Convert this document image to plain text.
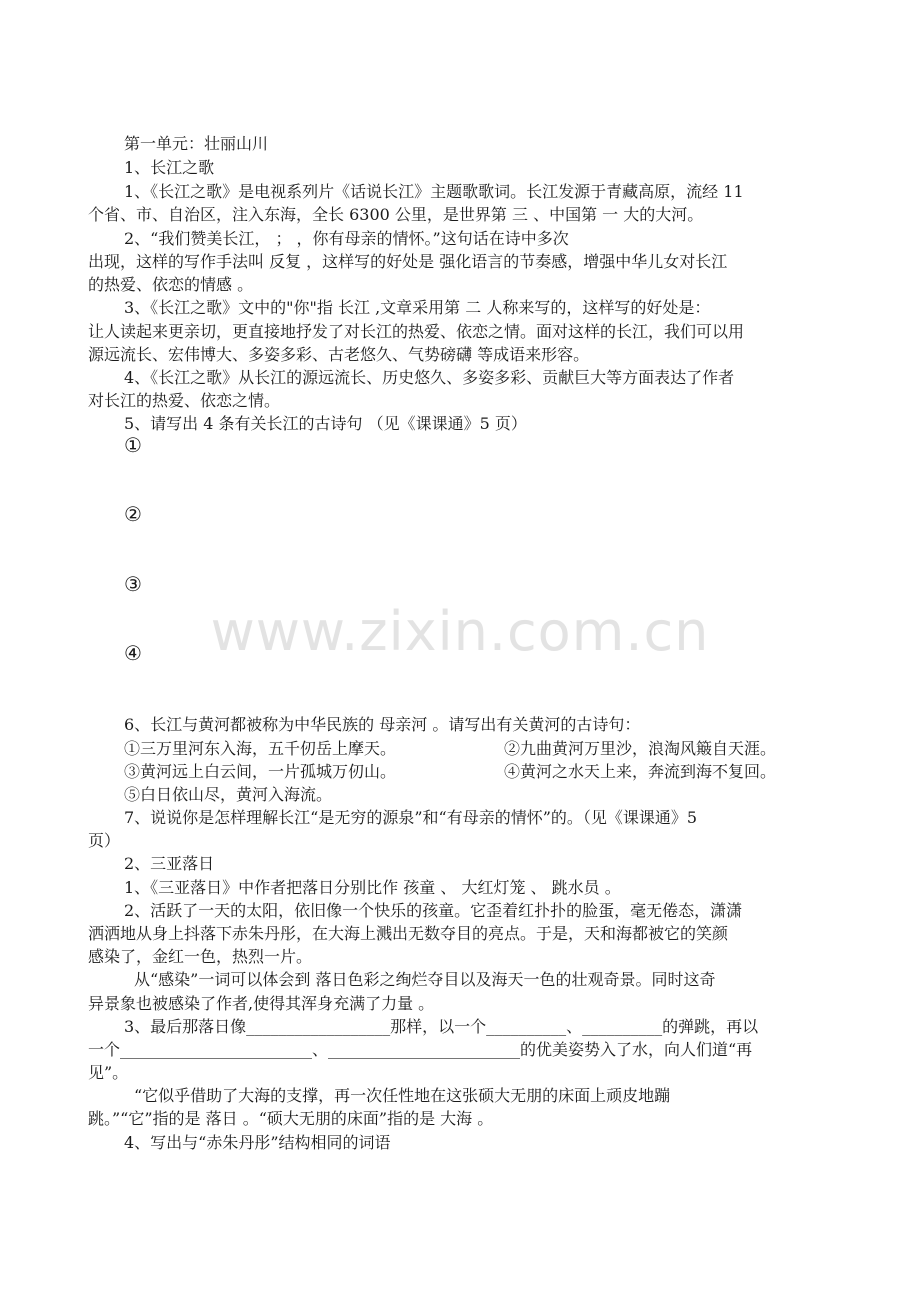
www.zixin.com.cn
第一单元：壮丽山川
1、长江之歌
1、《长江之歌》是电视系列片《话说长江》主题歌歌词。长江发源于青藏高原，流经 11
个省、市、自治区，注入东海，全长 6300 公里，是世界第 三 、中国第 一 大的大河。
2、“我们赞美长江， ； ，你有母亲的情怀。”这句话在诗中多次
出现，这样的写作手法叫 反复 ，这样写的好处是 强化语言的节奏感，增强中华儿女对长江
的热爱、依恋的情感 。
3、《长江之歌》文中的"你"指 长江 ,文章采用第 二 人称来写的，这样写的好处是：
让人读起来更亲切，更直接地抒发了对长江的热爱、依恋之情。面对这样的长江，我们可以用
源远流长、宏伟博大、多姿多彩、古老悠久、气势磅礴 等成语来形容。
4、《长江之歌》从长江的源远流长、历史悠久、多姿多彩、贡献巨大等方面表达了作者
对长江的热爱、依恋之情。
5、请写出 4 条有关长江的古诗句 （见《课课通》5 页）
①
②
③
④
6、长江与黄河都被称为中华民族的 母亲河 。请写出有关黄河的古诗句：
①三万里河东入海，五千仞岳上摩天。	②九曲黄河万里沙，浪淘风簸自天涯。
③黄河远上白云间，一片孤城万仞山。	④黄河之水天上来，奔流到海不复回。
⑤白日依山尽，黄河入海流。
7、说说你是怎样理解长江“是无穷的源泉”和“有母亲的情怀”的。（见《课课通》5
页）
2、三亚落日
1、《三亚落日》中作者把落日分别比作 孩童 、 大红灯笼 、 跳水员 。
2、活跃了一天的太阳，依旧像一个快乐的孩童。它歪着红扑扑的脸蛋，毫无倦态，潇潇
洒洒地从身上抖落下赤朱丹彤，在大海上溅出无数夺目的亮点。于是，天和海都被它的笑颜
感染了，金红一色，热烈一片。
从“感染”一词可以体会到 落日色彩之绚烂夺目以及海天一色的壮观奇景。同时这奇
异景象也被感染了作者,使得其浑身充满了力量 。
3、最后那落日像__________________那样，以一个__________、__________的弹跳，再以
一个________________________、________________________的优美姿势入了水，向人们道“再
见”。
“它似乎借助了大海的支撑，再一次任性地在这张硕大无朋的床面上顽皮地蹦
跳。”“它”指的是 落日 。“硕大无朋的床面”指的是 大海 。
4、写出与“赤朱丹彤”结构相同的词语
